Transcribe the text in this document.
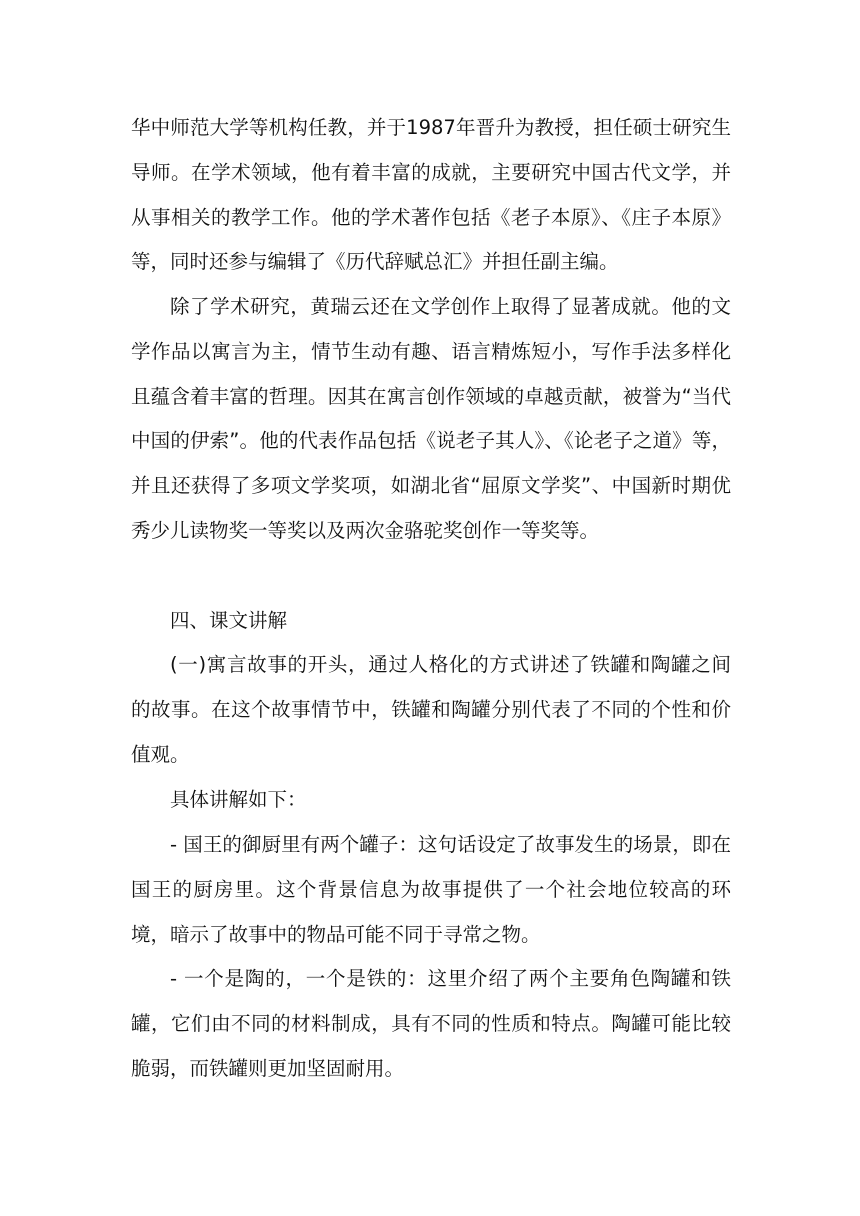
华中师范大学等机构任教，并于1987年晋升为教授，担任硕士研究生导师。在学术领域，他有着丰富的成就，主要研究中国古代文学，并从事相关的教学工作。他的学术著作包括《老子本原》、《庄子本原》等，同时还参与编辑了《历代辞赋总汇》并担任副主编。

除了学术研究，黄瑞云还在文学创作上取得了显著成就。他的文学作品以寓言为主，情节生动有趣、语言精炼短小，写作手法多样化且蕴含着丰富的哲理。因其在寓言创作领域的卓越贡献，被誉为“当代中国的伊索”。他的代表作品包括《说老子其人》、《论老子之道》等，并且还获得了多项文学奖项，如湖北省“屈原文学奖”、中国新时期优秀少儿读物奖一等奖以及两次金骆驼奖创作一等奖等。

四、课文讲解

(一)寓言故事的开头，通过人格化的方式讲述了铁罐和陶罐之间的故事。在这个故事情节中，铁罐和陶罐分别代表了不同的个性和价值观。

具体讲解如下：

- 国王的御厨里有两个罐子：这句话设定了故事发生的场景，即在国王的厨房里。这个背景信息为故事提供了一个社会地位较高的环境，暗示了故事中的物品可能不同于寻常之物。

- 一个是陶的，一个是铁的：这里介绍了两个主要角色陶罐和铁罐，它们由不同的材料制成，具有不同的性质和特点。陶罐可能比较脆弱，而铁罐则更加坚固耐用。
